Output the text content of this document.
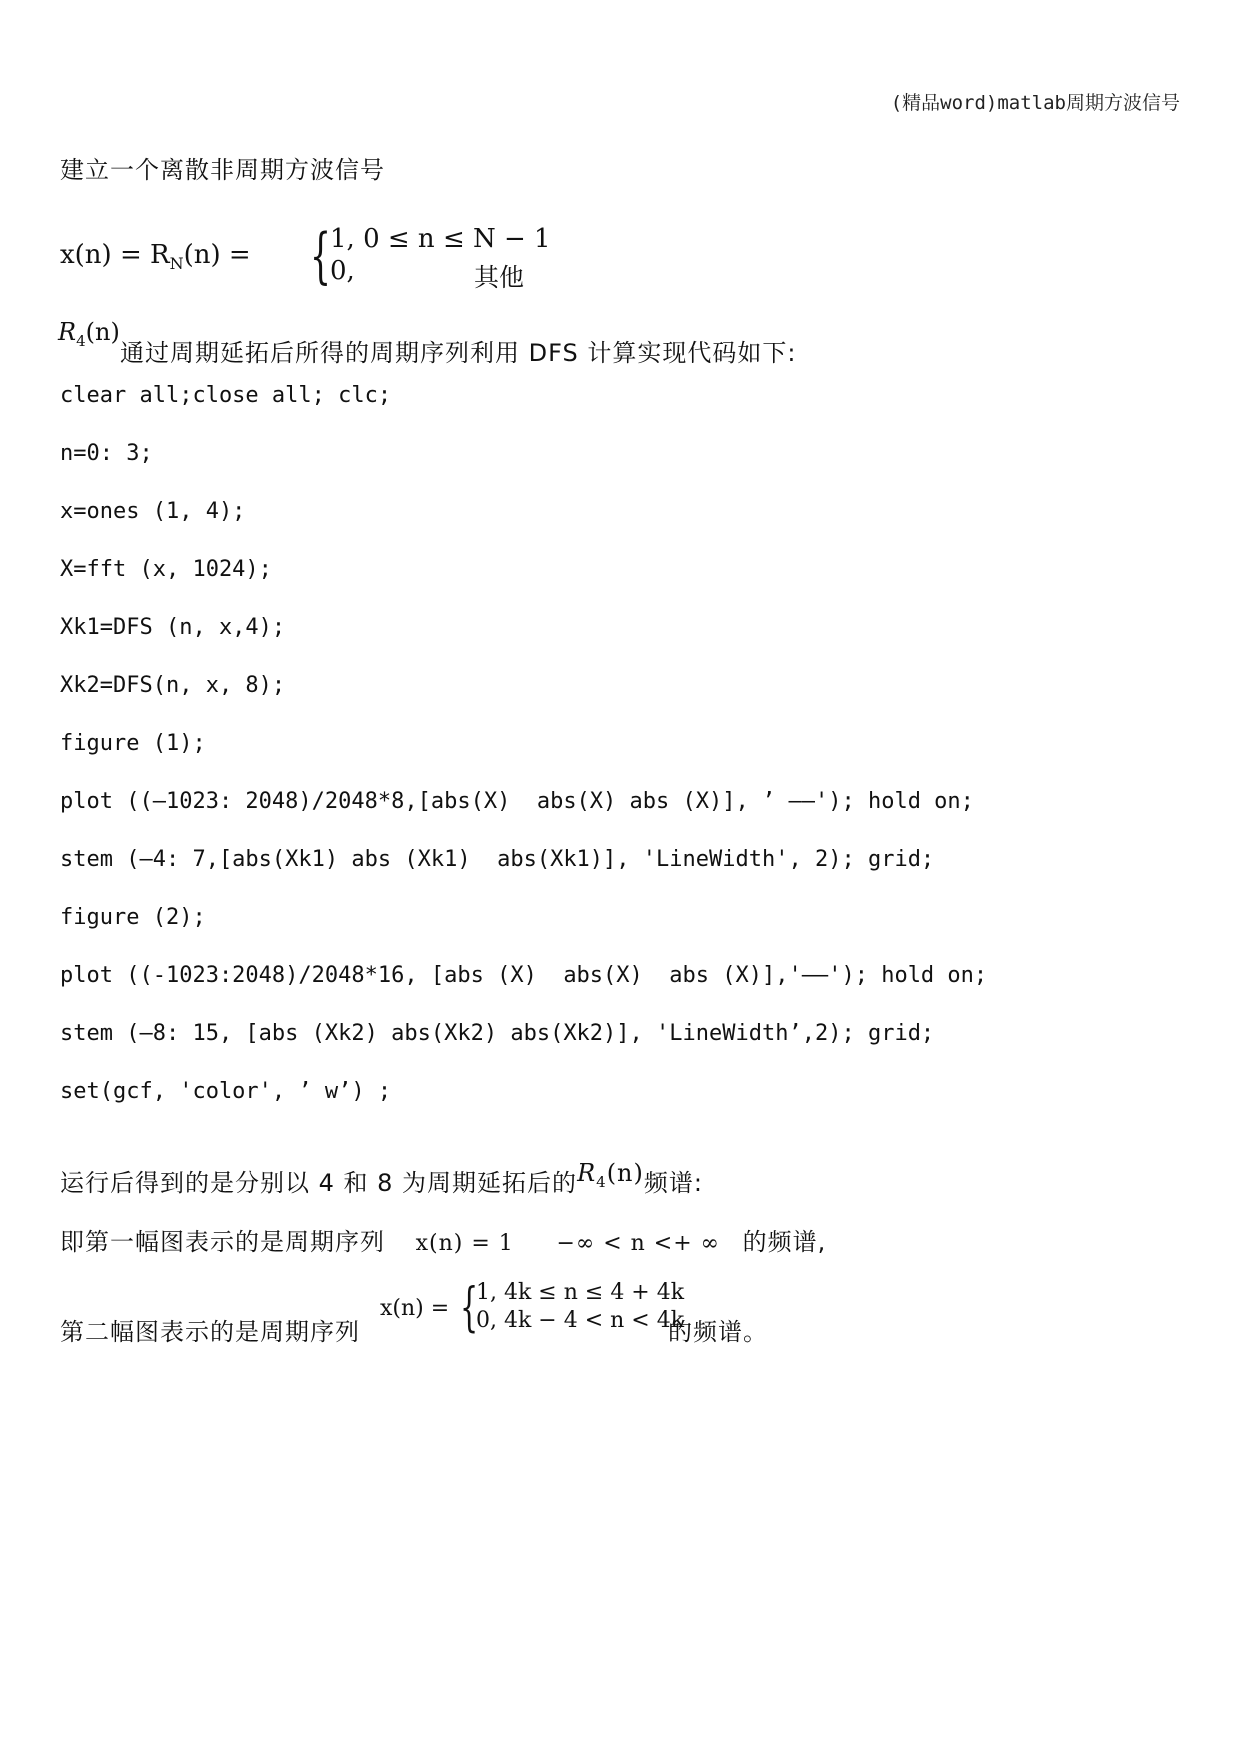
(精品word)matlab周期方波信号
建立一个离散非周期方波信号
$x(n) = R_N(n)$ = {
1, 0 ≤ n ≤ N − 1
0,	其他
$R_4(n)$
通过周期延拓后所得的周期序列利用 DFS 计算实现代码如下:
clear all;close all; clc;
n=0: 3;
x=ones (1, 4);
X=fft (x, 1024);
Xk1=DFS (n, x,4);
Xk2=DFS(n, x, 8);
figure (1);
plot ((—1023: 2048)/2048*8,[abs(X)  abs(X) abs (X)], ’ ——'); hold on;
stem (—4: 7,[abs(Xk1) abs (Xk1)  abs(Xk1)], 'LineWidth', 2); grid;
figure (2);
plot ((-1023:2048)/2048*16, [abs (X)  abs(X)  abs (X)],'——'); hold on;
stem (—8: 15, [abs (Xk2) abs(Xk2) abs(Xk2)], 'LineWidth’,2); grid;
set(gcf, 'color', ’ w’) ;
运行后得到的是分别以 4 和 8 为周期延拓后的$R_4(n)$频谱:
即第一幅图表示的是周期序列 x(n) = 1 −∞ < n <+ ∞ 的频谱,
第二幅图表示的是周期序列
x(n) = {
1, 4k ≤ n ≤ 4 + 4k
0, 4k − 4 < n < 4k
的频谱。
